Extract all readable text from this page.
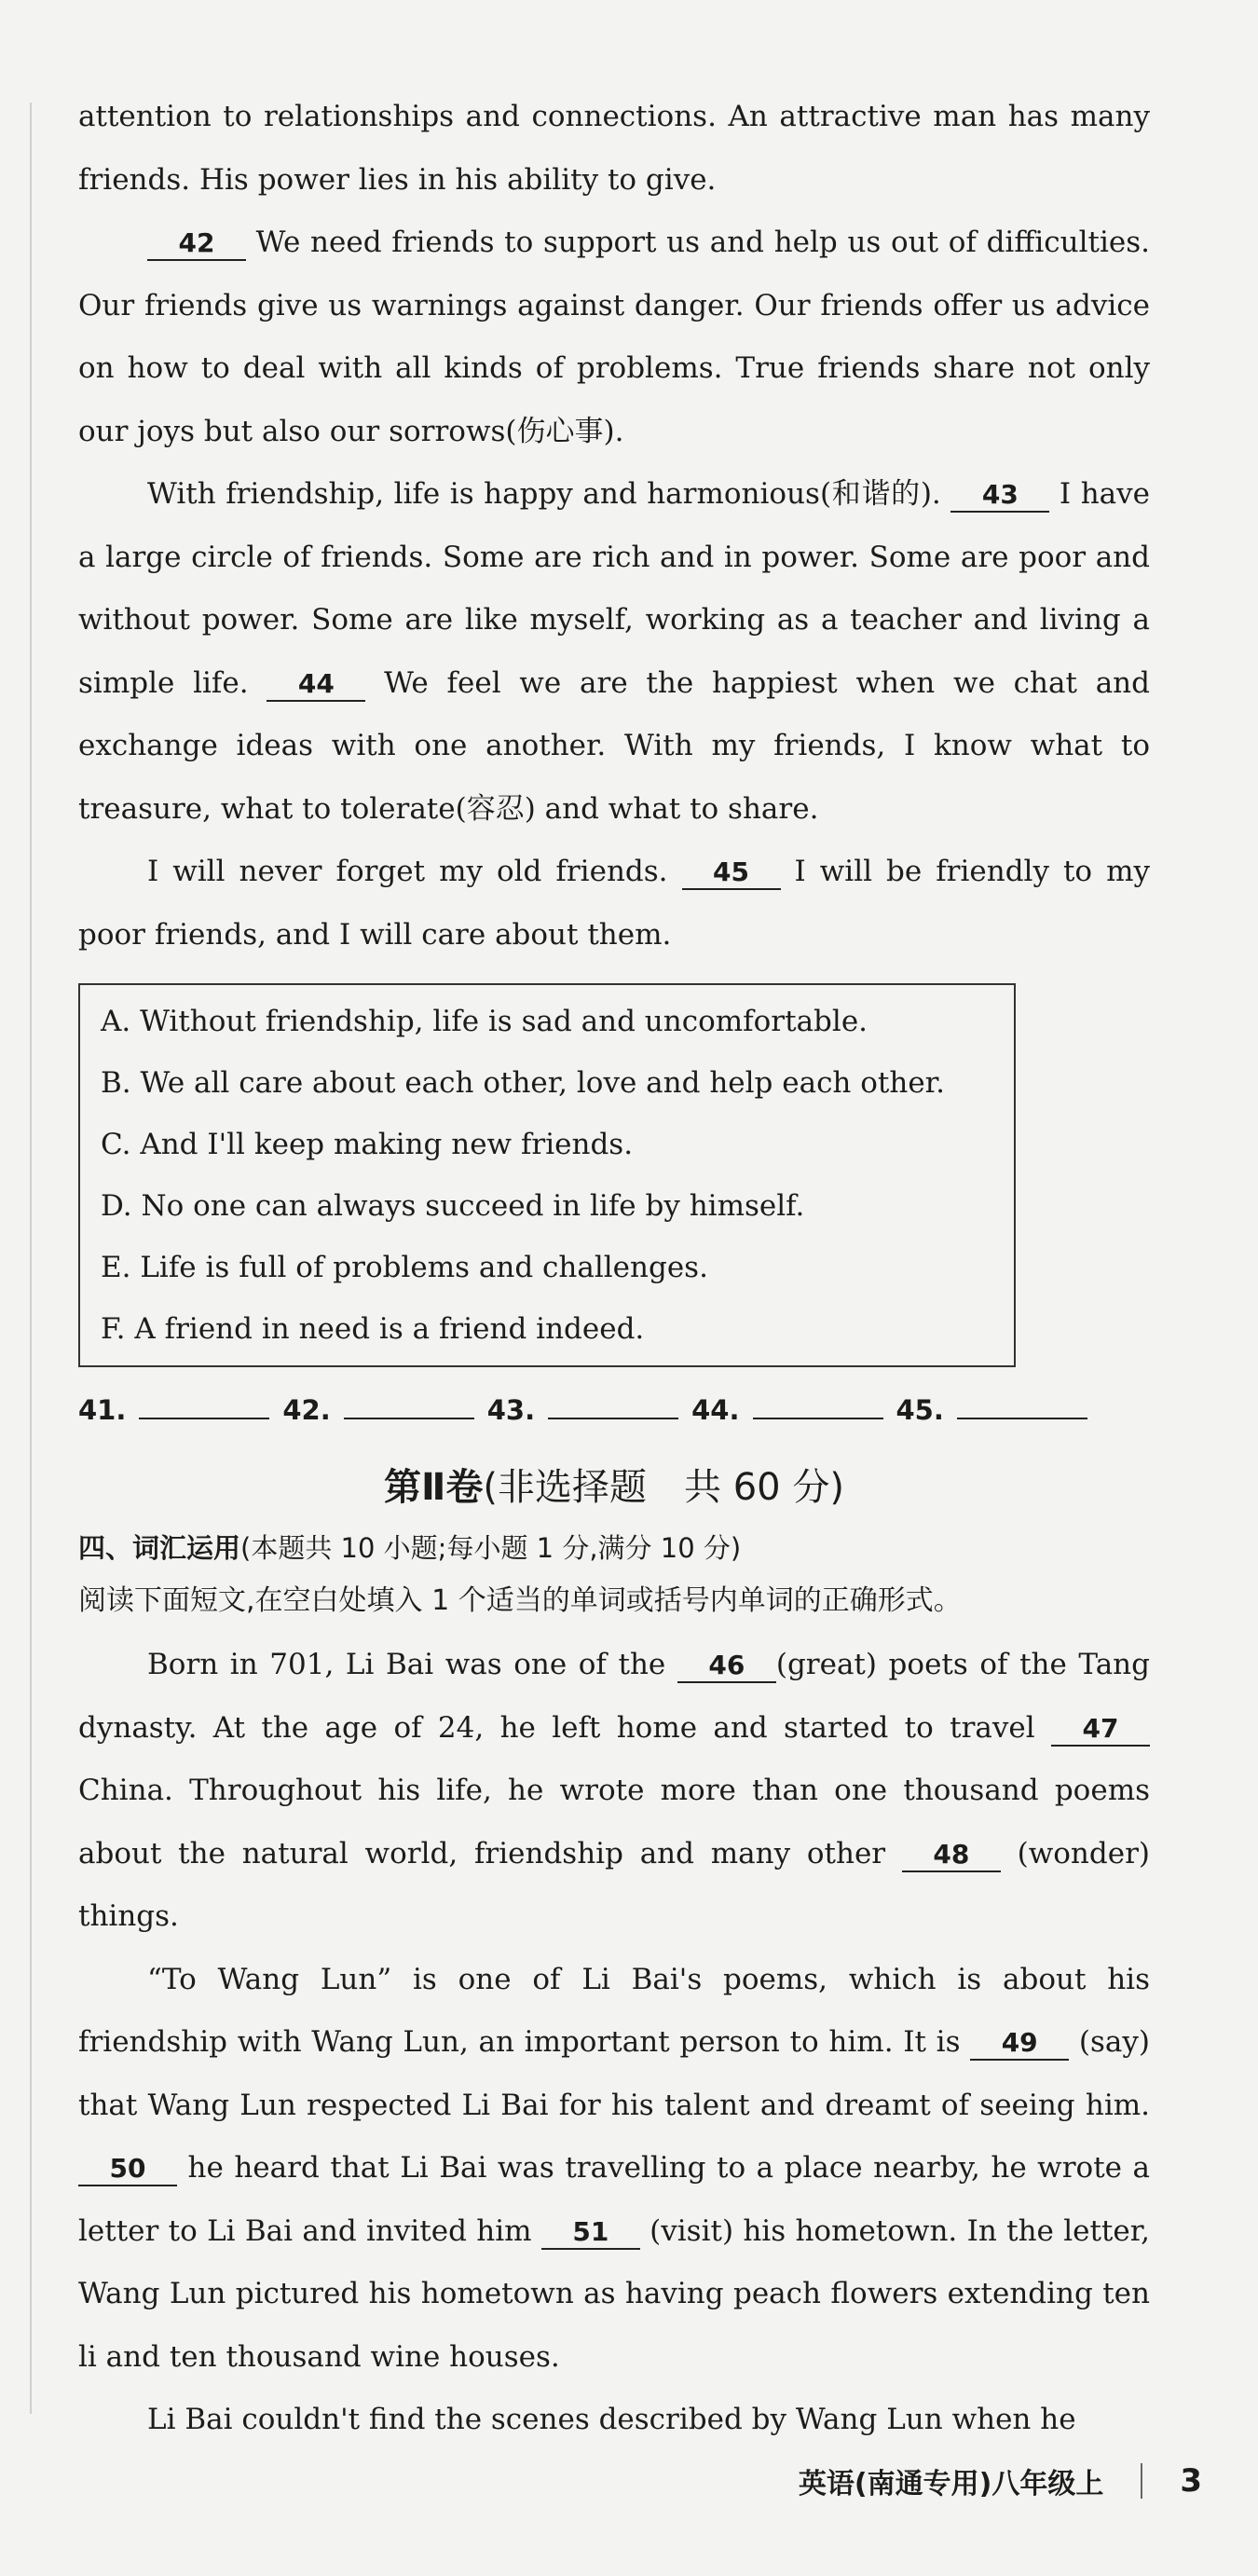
attention to relationships and connections. An attractive man has many friends. His power lies in his ability to give.

42 We need friends to support us and help us out of difficulties. Our friends give us warnings against danger. Our friends offer us advice on how to deal with all kinds of problems. True friends share not only our joys but also our sorrows(伤心事).

With friendship, life is happy and harmonious(和谐的). 43 I have a large circle of friends. Some are rich and in power. Some are poor and without power. Some are like myself, working as a teacher and living a simple life. 44 We feel we are the happiest when we chat and exchange ideas with one another. With my friends, I know what to treasure, what to tolerate(容忍) and what to share.

I will never forget my old friends. 45 I will be friendly to my poor friends, and I will care about them.

A. Without friendship, life is sad and uncomfortable.
B. We all care about each other, love and help each other.
C. And I'll keep making new friends.
D. No one can always succeed in life by himself.
E. Life is full of problems and challenges.
F. A friend in need is a friend indeed.
41.	42.	43.	44.	45.
第Ⅱ卷(非选择题　共 60 分)
四、词汇运用(本题共 10 小题;每小题 1 分,满分 10 分)
阅读下面短文,在空白处填入 1 个适当的单词或括号内单词的正确形式。

Born in 701, Li Bai was one of the 46 (great) poets of the Tang dynasty. At the age of 24, he left home and started to travel 47 China. Throughout his life, he wrote more than one thousand poems about the natural world, friendship and many other 48 (wonder) things.

“To Wang Lun” is one of Li Bai's poems, which is about his friendship with Wang Lun, an important person to him. It is 49 (say) that Wang Lun respected Li Bai for his talent and dreamt of seeing him. 50 he heard that Li Bai was travelling to a place nearby, he wrote a letter to Li Bai and invited him 51 (visit) his hometown. In the letter, Wang Lun pictured his hometown as having peach flowers extending ten li and ten thousand wine houses.

Li Bai couldn't find the scenes described by Wang Lun when he

英语(南通专用)八年级上 3
